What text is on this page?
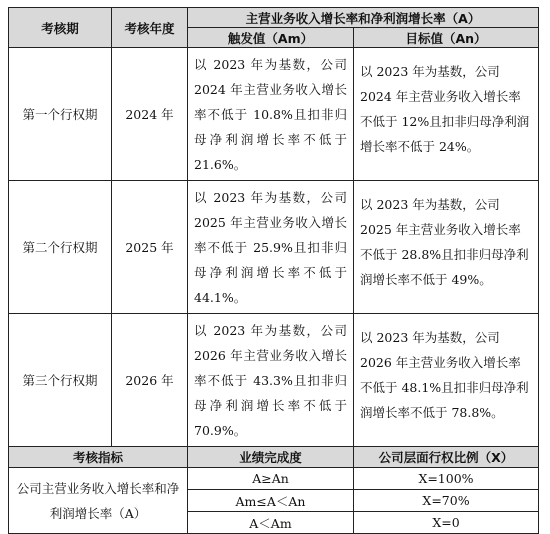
考核期	考核年度	主营业务收入增长率和净利润增长率（A）	
		触发值（Am）	目标值（An）
第一个行权期	2024 年	以 2023 年为基数，公司 2024 年主营业务收入增长率不低于 10.8%且扣非归母净利润增长率不低于 21.6%。	以 2023 年为基数，公司 2024 年主营业务收入增长率不低于 12%且扣非归母净利润增长率不低于 24%。
第二个行权期	2025 年	以 2023 年为基数，公司 2025 年主营业务收入增长率不低于 25.9%且扣非归母净利润增长率不低于 44.1%。	以 2023 年为基数，公司 2025 年主营业务收入增长率不低于 28.8%且扣非归母净利润增长率不低于 49%。
第三个行权期	2026 年	以 2023 年为基数，公司 2026 年主营业务收入增长率不低于 43.3%且扣非归母净利润增长率不低于 70.9%。	以 2023 年为基数，公司 2026 年主营业务收入增长率不低于 48.1%且扣非归母净利润增长率不低于 78.8%。
考核指标		业绩完成度	公司层面行权比例（X）
公司主营业务收入增长率和净利润增长率（A）		A≥An	X=100%
		Am≤A＜An	X=70%
		A＜Am	X=0
